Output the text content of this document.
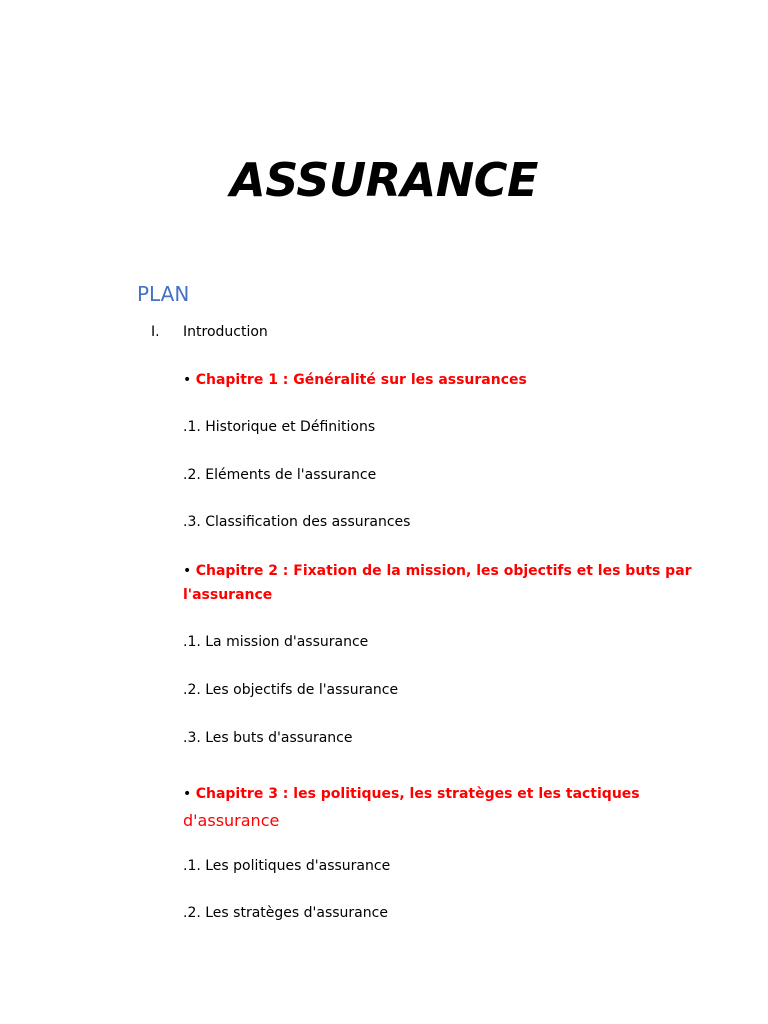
ASSURANCE
PLAN
I. Introduction
• Chapitre 1 : Généralité sur les assurances
.1. Historique et Définitions
.2. Eléments de l'assurance
.3. Classification des assurances
• Chapitre 2 : Fixation de la mission, les objectifs et les buts par
l'assurance
.1. La mission d'assurance
.2. Les objectifs de l'assurance
.3. Les buts d'assurance
• Chapitre 3 : les politiques, les stratèges et les tactiques
d'assurance
.1. Les politiques d'assurance
.2. Les stratèges d'assurance
